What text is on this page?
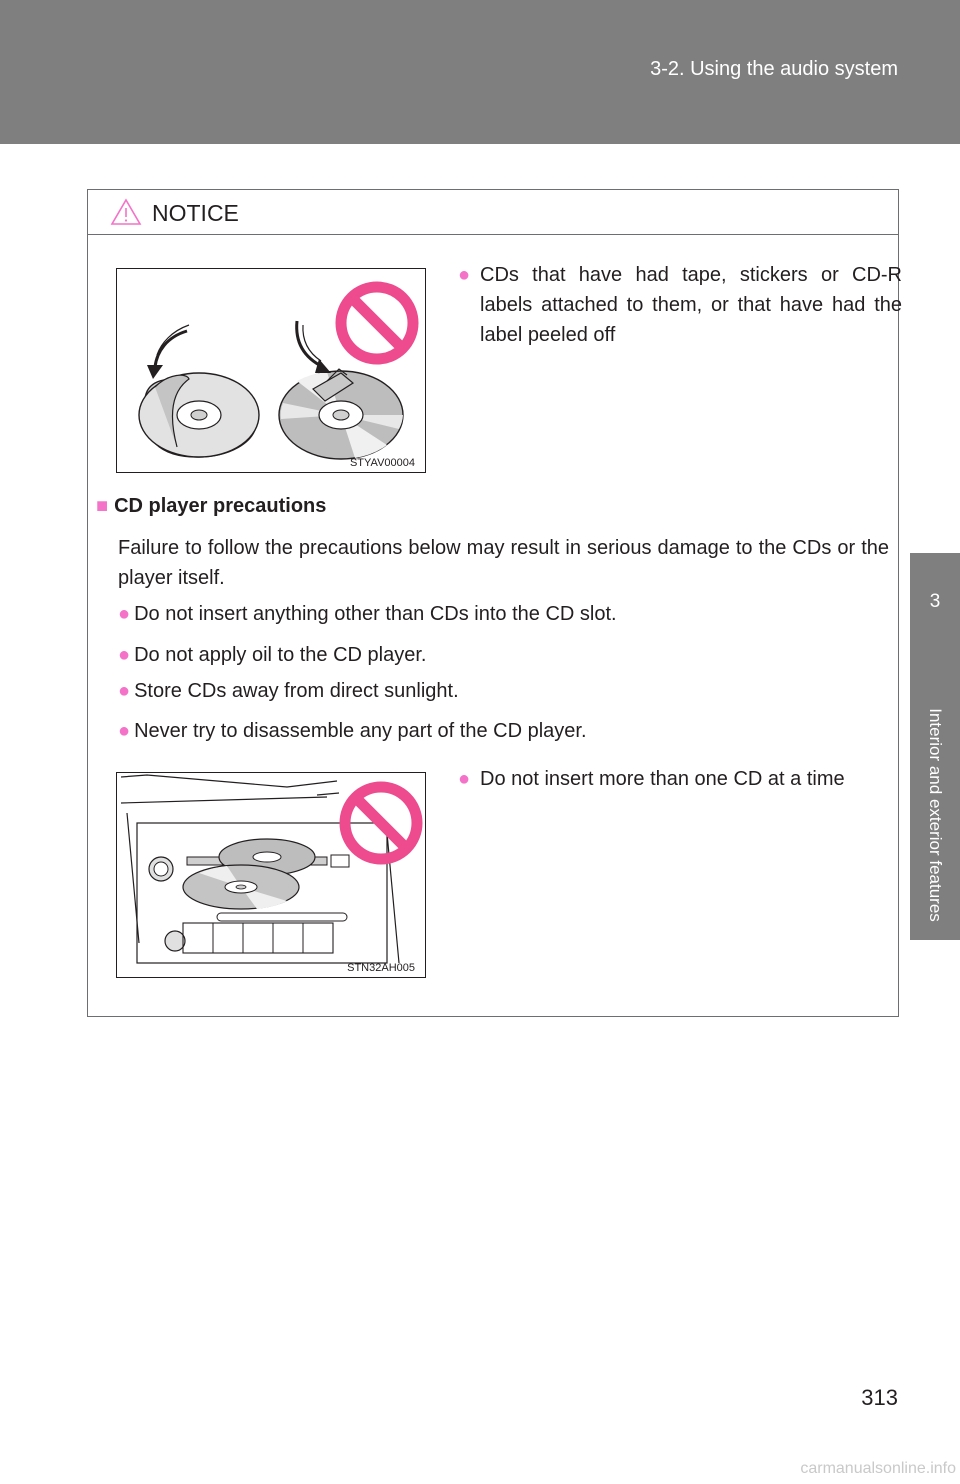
3-2. Using the audio system
3
Interior and exterior features
NOTICE
STYAV00004
● CDs that have had tape, stickers or CD-R labels attached to them, or that have had the label peeled off
■ CD player precautions
Failure to follow the precautions below may result in serious damage to the CDs or the player itself.
● Do not insert anything other than CDs into the CD slot.
● Do not apply oil to the CD player.
● Store CDs away from direct sunlight.
● Never try to disassemble any part of the CD player.
STN32AH005
● Do not insert more than one CD at a time
313
carmanualsonline.info
